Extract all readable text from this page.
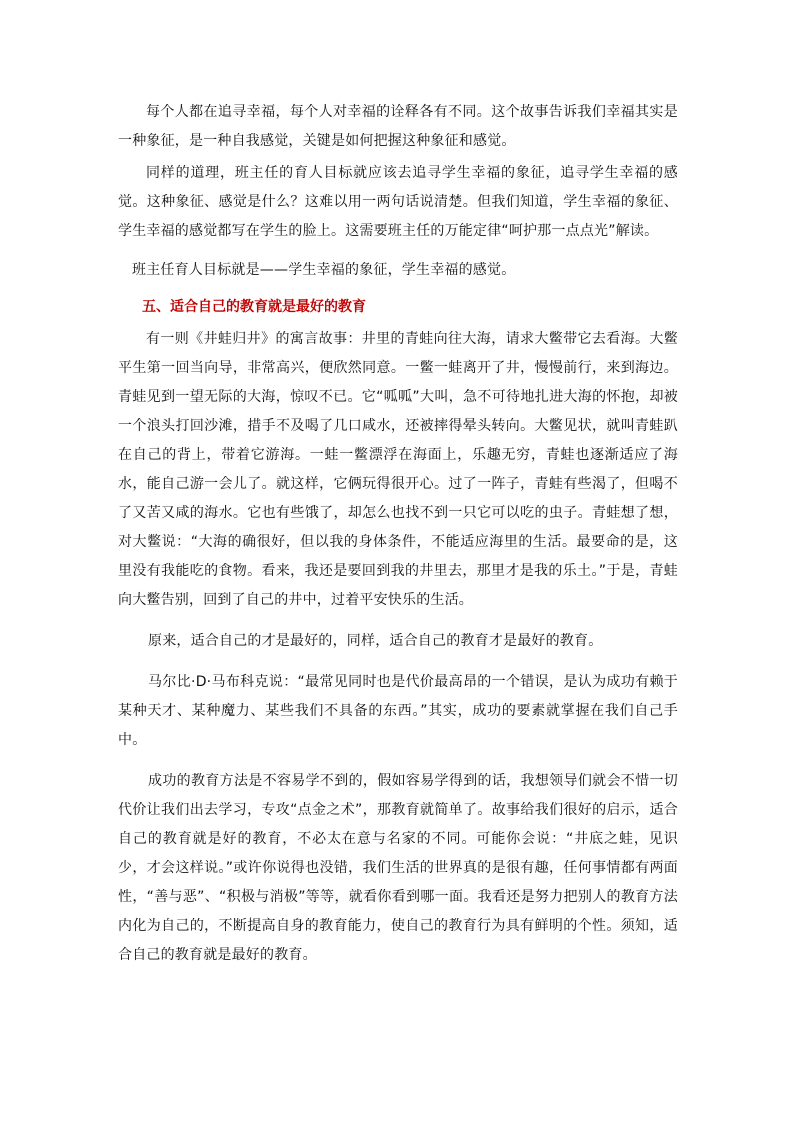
每个人都在追寻幸福，每个人对幸福的诠释各有不同。这个故事告诉我们幸福其实是一种象征，是一种自我感觉，关键是如何把握这种象征和感觉。

同样的道理，班主任的育人目标就应该去追寻学生幸福的象征，追寻学生幸福的感觉。这种象征、感觉是什么？这难以用一两句话说清楚。但我们知道，学生幸福的象征、学生幸福的感觉都写在学生的脸上。这需要班主任的万能定律“呵护那一点点光”解读。

班主任育人目标就是——学生幸福的象征，学生幸福的感觉。

五、适合自己的教育就是最好的教育

有一则《井蛙归井》的寓言故事：井里的青蛙向往大海，请求大鳖带它去看海。大鳖平生第一回当向导，非常高兴，便欣然同意。一鳖一蛙离开了井，慢慢前行，来到海边。青蛙见到一望无际的大海，惊叹不已。它“呱呱”大叫，急不可待地扎进大海的怀抱，却被一个浪头打回沙滩，措手不及喝了几口咸水，还被摔得晕头转向。大鳖见状，就叫青蛙趴在自己的背上，带着它游海。一蛙一鳖漂浮在海面上，乐趣无穷，青蛙也逐渐适应了海水，能自己游一会儿了。就这样，它俩玩得很开心。过了一阵子，青蛙有些渴了，但喝不了又苦又咸的海水。它也有些饿了，却怎么也找不到一只它可以吃的虫子。青蛙想了想，对大鳖说：“大海的确很好，但以我的身体条件，不能适应海里的生活。最要命的是，这里没有我能吃的食物。看来，我还是要回到我的井里去，那里才是我的乐土。”于是，青蛙向大鳖告别，回到了自己的井中，过着平安快乐的生活。

原来，适合自己的才是最好的，同样，适合自己的教育才是最好的教育。

马尔比·D·马布科克说：“最常见同时也是代价最高昂的一个错误，是认为成功有赖于某种天才、某种魔力、某些我们不具备的东西。”其实，成功的要素就掌握在我们自己手中。

成功的教育方法是不容易学不到的，假如容易学得到的话，我想领导们就会不惜一切代价让我们出去学习，专攻“点金之术”，那教育就简单了。故事给我们很好的启示，适合自己的教育就是好的教育，不必太在意与名家的不同。可能你会说：“井底之蛙，见识少，才会这样说。”或许你说得也没错，我们生活的世界真的是很有趣，任何事情都有两面性，“善与恶”、“积极与消极”等等，就看你看到哪一面。我看还是努力把别人的教育方法内化为自己的，不断提高自身的教育能力，使自己的教育行为具有鲜明的个性。须知，适合自己的教育就是最好的教育。
